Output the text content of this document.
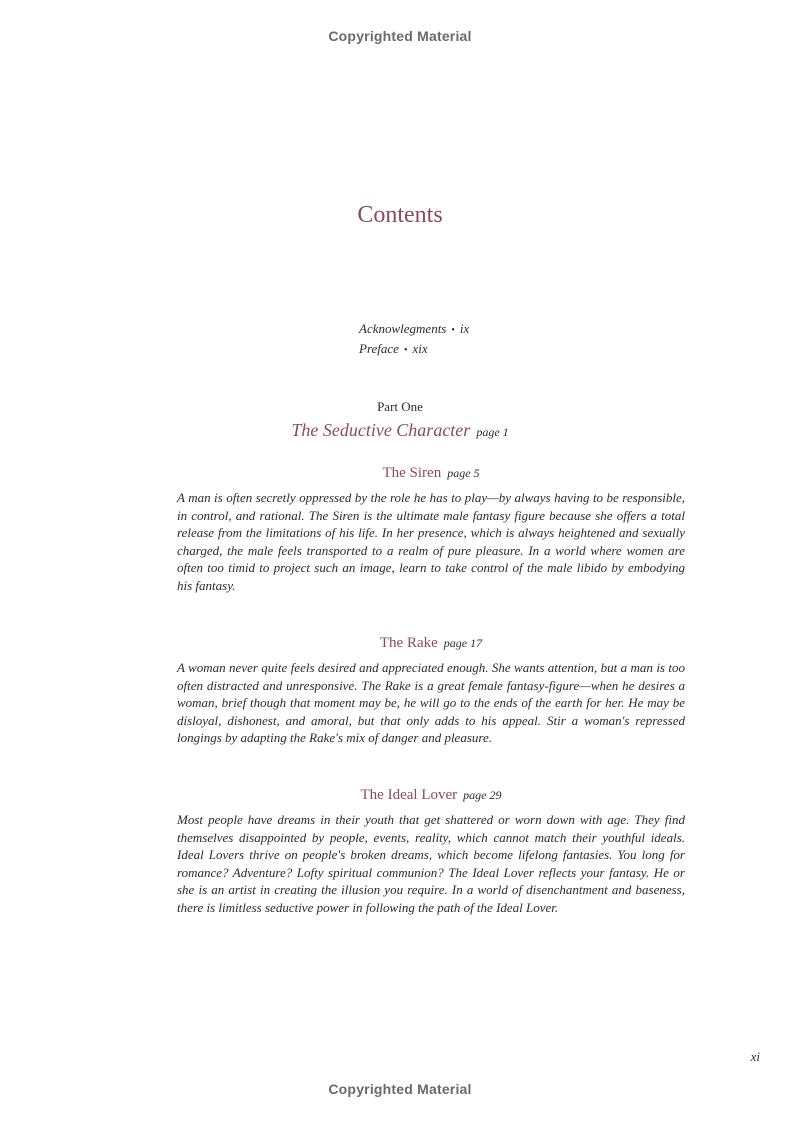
Copyrighted Material
Contents
Acknowlegments • ix
Preface • xix
Part One
The Seductive Character page 1
The Siren page 5

A man is often secretly oppressed by the role he has to play—by always having to be responsible, in control, and rational. The Siren is the ultimate male fantasy figure because she offers a total release from the limitations of his life. In her presence, which is always heightened and sexually charged, the male feels transported to a realm of pure pleasure. In a world where women are often too timid to project such an image, learn to take control of the male libido by embodying his fantasy.

The Rake page 17

A woman never quite feels desired and appreciated enough. She wants attention, but a man is too often distracted and unresponsive. The Rake is a great female fantasy-figure—when he desires a woman, brief though that moment may be, he will go to the ends of the earth for her. He may be disloyal, dishonest, and amoral, but that only adds to his appeal. Stir a woman's repressed longings by adapting the Rake's mix of danger and pleasure.

The Ideal Lover page 29

Most people have dreams in their youth that get shattered or worn down with age. They find themselves disappointed by people, events, reality, which cannot match their youthful ideals. Ideal Lovers thrive on people's broken dreams, which become lifelong fantasies. You long for romance? Adventure? Lofty spiritual communion? The Ideal Lover reflects your fantasy. He or she is an artist in creating the illusion you require. In a world of disenchantment and baseness, there is limitless seductive power in following the path of the Ideal Lover.

xi
Copyrighted Material
